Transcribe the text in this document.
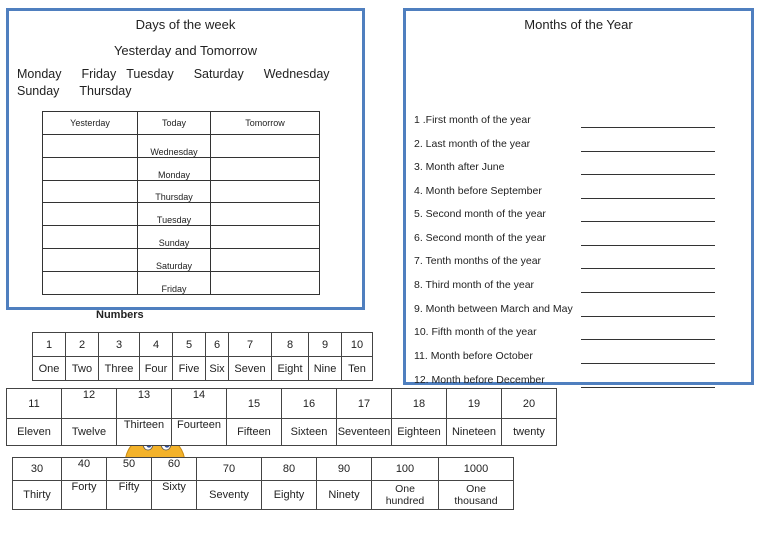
Days of the week
Yesterday and Tomorrow
Monday Friday Tuesday Saturday Wednesday
Sunday Thursday
Yesterday	Today	Tomorrow
	Wednesday	
	Monday	
	Thursday	
	Tuesday	
	Sunday	
	Saturday	
	Friday	
Months of the Year
1 .First month of the year
2. Last month of the year
3. Month after June
4. Month before September
5. Second month of the year
6. Second month of the year
7. Tenth months of the year
8. Third month of the year
9. Month between March and May
10. Fifth month of the year
11. Month before October
12. Month before December
Numbers
1	2	3	4	5	6	7	8	9	10
One	Two	Three	Four	Five	Six	Seven	Eight	Nine	Ten
11	12	13	14	15	16	17	18	19	20
Eleven	Twelve	Thirteen	Fourteen	Fifteen	Sixteen	Seventeen	Eighteen	Nineteen	twenty
30	40	50	60	70	80	90	100	1000
Thirty	Forty	Fifty	Sixty	Seventy	Eighty	Ninety	One hundred	One thousand
